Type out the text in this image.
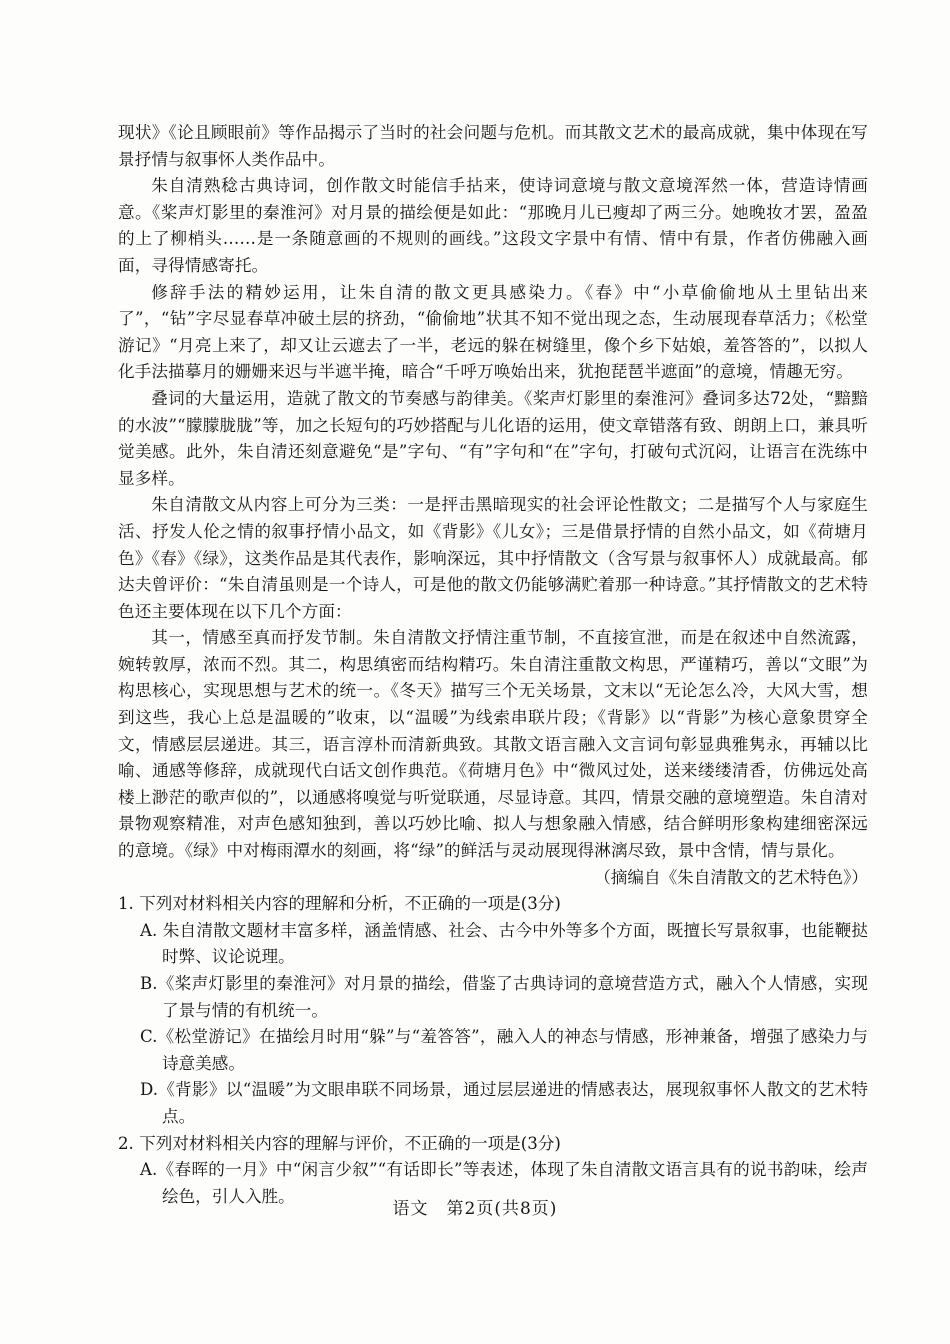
现状》《论且顾眼前》等作品揭示了当时的社会问题与危机。而其散文艺术的最高成就，集中体现在写景抒情与叙事怀人类作品中。

朱自清熟稔古典诗词，创作散文时能信手拈来，使诗词意境与散文意境浑然一体，营造诗情画意。《桨声灯影里的秦淮河》对月景的描绘便是如此：“那晚月儿已瘦却了两三分。她晚妆才罢，盈盈的上了柳梢头……是一条随意画的不规则的画线。”这段文字景中有情、情中有景，作者仿佛融入画面，寻得情感寄托。

修辞手法的精妙运用，让朱自清的散文更具感染力。《春》中“小草偷偷地从土里钻出来了”，“钻”字尽显春草冲破土层的挤劲，“偷偷地”状其不知不觉出现之态，生动展现春草活力；《松堂游记》“月亮上来了，却又让云遮去了一半，老远的躲在树缝里，像个乡下姑娘，羞答答的”，以拟人化手法描摹月的姗姗来迟与半遮半掩，暗合“千呼万唤始出来，犹抱琵琶半遮面”的意境，情趣无穷。

叠词的大量运用，造就了散文的节奏感与韵律美。《桨声灯影里的秦淮河》叠词多达72处，“黯黯的水波”“朦朦胧胧”等，加之长短句的巧妙搭配与儿化语的运用，使文章错落有致、朗朗上口，兼具听觉美感。此外，朱自清还刻意避免“是”字句、“有”字句和“在”字句，打破句式沉闷，让语言在洗练中显多样。

朱自清散文从内容上可分为三类：一是抨击黑暗现实的社会评论性散文；二是描写个人与家庭生活、抒发人伦之情的叙事抒情小品文，如《背影》《儿女》；三是借景抒情的自然小品文，如《荷塘月色》《春》《绿》，这类作品是其代表作，影响深远，其中抒情散文（含写景与叙事怀人）成就最高。郁达夫曾评价：“朱自清虽则是一个诗人，可是他的散文仍能够满贮着那一种诗意。”其抒情散文的艺术特色还主要体现在以下几个方面：

其一，情感至真而抒发节制。朱自清散文抒情注重节制，不直接宣泄，而是在叙述中自然流露，婉转敦厚，浓而不烈。其二，构思缜密而结构精巧。朱自清注重散文构思，严谨精巧，善以“文眼”为构思核心，实现思想与艺术的统一。《冬天》描写三个无关场景，文末以“无论怎么冷，大风大雪，想到这些，我心上总是温暖的”收束，以“温暖”为线索串联片段；《背影》以“背影”为核心意象贯穿全文，情感层层递进。其三，语言淳朴而清新典致。其散文语言融入文言词句彰显典雅隽永，再辅以比喻、通感等修辞，成就现代白话文创作典范。《荷塘月色》中“微风过处，送来缕缕清香，仿佛远处高楼上渺茫的歌声似的”，以通感将嗅觉与听觉联通，尽显诗意。其四，情景交融的意境塑造。朱自清对景物观察精准，对声色感知独到，善以巧妙比喻、拟人与想象融入情感，结合鲜明形象构建细密深远的意境。《绿》中对梅雨潭水的刻画，将“绿”的鲜活与灵动展现得淋漓尽致，景中含情，情与景化。

（摘编自《朱自清散文的艺术特色》）

1. 下列对材料相关内容的理解和分析，不正确的一项是(3分)

A. 朱自清散文题材丰富多样，涵盖情感、社会、古今中外等多个方面，既擅长写景叙事，也能鞭挞时弊、议论说理。
B.《桨声灯影里的秦淮河》对月景的描绘，借鉴了古典诗词的意境营造方式，融入个人情感，实现了景与情的有机统一。
C.《松堂游记》在描绘月时用“躲”与“羞答答”，融入人的神态与情感，形神兼备，增强了感染力与诗意美感。
D.《背影》以“温暖”为文眼串联不同场景，通过层层递进的情感表达，展现叙事怀人散文的艺术特点。

2. 下列对材料相关内容的理解与评价，不正确的一项是(3分)

A.《春晖的一月》中“闲言少叙”“有话即长”等表述，体现了朱自清散文语言具有的说书韵味，绘声绘色，引人入胜。
语文　第2页(共8页)
